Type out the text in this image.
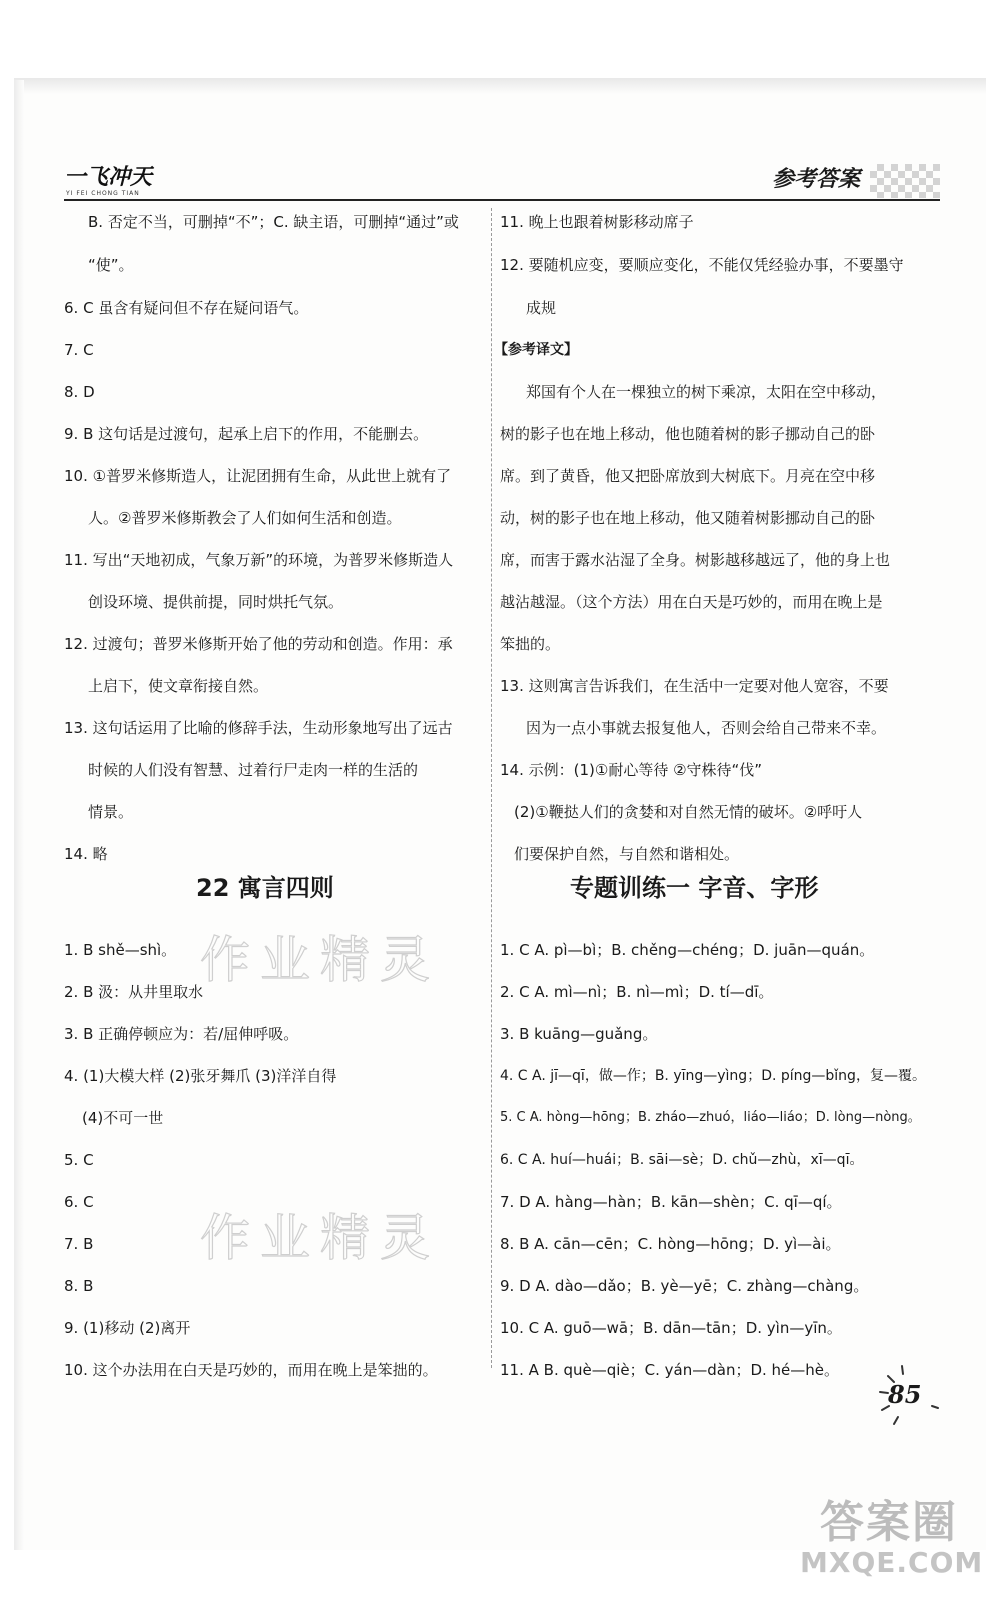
一飞冲天
YI FEI CHONG TIAN
参考答案
作业精灵
作业精灵
B. 否定不当，可删掉“不”；C. 缺主语，可删掉“通过”或
“使”。
6. C 虽含有疑问但不存在疑问语气。
7. C
8. D
9. B 这句话是过渡句，起承上启下的作用，不能删去。
10. ①普罗米修斯造人，让泥团拥有生命，从此世上就有了
人。②普罗米修斯教会了人们如何生活和创造。
11. 写出“天地初成，气象万新”的环境，为普罗米修斯造人
创设环境、提供前提，同时烘托气氛。
12. 过渡句；普罗米修斯开始了他的劳动和创造。作用：承
上启下，使文章衔接自然。
13. 这句话运用了比喻的修辞手法，生动形象地写出了远古
时候的人们没有智慧、过着行尸走肉一样的生活的
情景。
14. 略
22 寓言四则
1. B shě—shì。
2. B 汲：从井里取水
3. B 正确停顿应为：若/屈伸呼吸。
4. (1)大模大样 (2)张牙舞爪 (3)洋洋自得
(4)不可一世
5. C
6. C
7. B
8. B
9. (1)移动 (2)离开
10. 这个办法用在白天是巧妙的，而用在晚上是笨拙的。
11. 晚上也跟着树影移动席子
12. 要随机应变，要顺应变化，不能仅凭经验办事，不要墨守
成规
【参考译文】
郑国有个人在一棵独立的树下乘凉，太阳在空中移动，
树的影子也在地上移动，他也随着树的影子挪动自己的卧
席。到了黄昏，他又把卧席放到大树底下。月亮在空中移
动，树的影子也在地上移动，他又随着树影挪动自己的卧
席，而害于露水沾湿了全身。树影越移越远了，他的身上也
越沾越湿。（这个方法）用在白天是巧妙的，而用在晚上是
笨拙的。
13. 这则寓言告诉我们，在生活中一定要对他人宽容，不要
因为一点小事就去报复他人，否则会给自己带来不幸。
14. 示例：(1)①耐心等待 ②守株待“伐”
(2)①鞭挞人们的贪婪和对自然无情的破坏。②呼吁人
们要保护自然，与自然和谐相处。
专题训练一 字音、字形
1. C A. pì—bì；B. chěng—chéng；D. juān—quán。
2. C A. mì—nì；B. nì—mì；D. tí—dī。
3. B kuāng—guǎng。
4. C A. jī—qī，做—作；B. yīng—yìng；D. píng—bǐng，复—覆。
5. C A. hòng—hōng；B. zháo—zhuó，liáo—liáo；D. lòng—nòng。
6. C A. huí—huái；B. sāi—sè；D. chǔ—zhù，xī—qī。
7. D A. hàng—hàn；B. kān—shèn；C. qī—qí。
8. B A. cān—cēn；C. hòng—hōng；D. yì—ài。
9. D A. dào—dǎo；B. yè—yē；C. zhàng—chàng。
10. C A. guō—wā；B. dān—tān；D. yìn—yīn。
11. A B. què—qiè；C. yán—dàn；D. hé—hè。
85
答案圈
MXQE.COM
